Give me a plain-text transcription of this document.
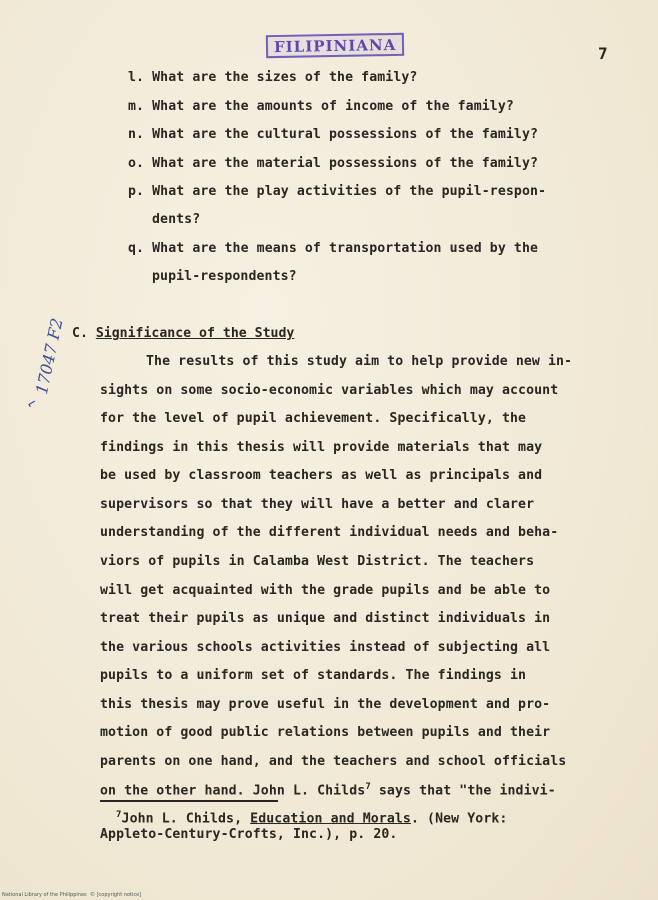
FILIPINIANA	7
l. What are the sizes of the family?
m. What are the amounts of income of the family?
n. What are the cultural possessions of the family?
o. What are the material possessions of the family?
p. What are the play activities of the pupil-respon-
dents?
q. What are the means of transportation used by the
pupil-respondents?
C. Significance of the Study
The results of this study aim to help provide new in-
sights on some socio-economic variables which may account
for the level of pupil achievement. Specifically, the
findings in this thesis will provide materials that may
be used by classroom teachers as well as principals and
supervisors so that they will have a better and clarer
understanding of the different individual needs and beha-
viors of pupils in Calamba West District. The teachers
will get acquainted with the grade pupils and be able to
treat their pupils as unique and distinct individuals in
the various schools activities instead of subjecting all
pupils to a uniform set of standards. The findings in
this thesis may prove useful in the development and pro-
motion of good public relations between pupils and their
parents on one hand, and the teachers and school officials
on the other hand. John L. Childs$^7$ says that "the indivi-
$^7$John L. Childs, Education and Morals. (New York:
Appleto-Century-Crofts, Inc.), p. 20.
17047 F2
⌐
National Library of the Philippines © [copyright notice]
